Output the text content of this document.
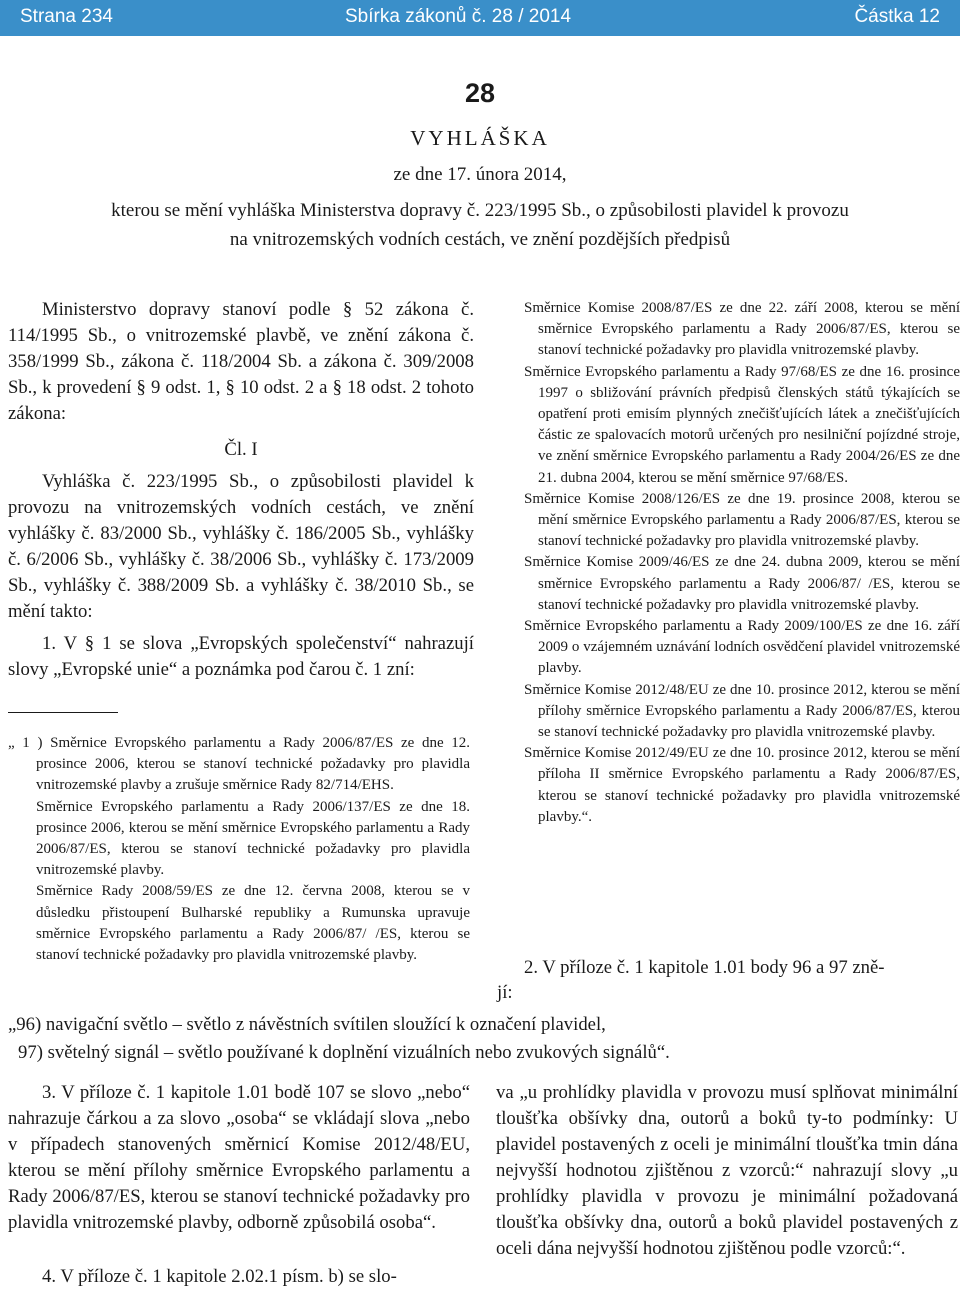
Strana 234	Sbírka zákonů č. 28 / 2014	Částka 12
28
VYHLÁŠKA
ze dne 17. února 2014,
kterou se mění vyhláška Ministerstva dopravy č. 223/1995 Sb., o způsobilosti plavidel k provozu na vnitrozemských vodních cestách, ve znění pozdějších předpisů

Ministerstvo dopravy stanoví podle § 52 zákona č. 114/1995 Sb., o vnitrozemské plavbě, ve znění zákona č. 358/1999 Sb., zákona č. 118/2004 Sb. a zákona č. 309/2008 Sb., k provedení § 9 odst. 1, § 10 odst. 2 a § 18 odst. 2 tohoto zákona:

Čl. I

Vyhláška č. 223/1995 Sb., o způsobilosti plavidel k provozu na vnitrozemských vodních cestách, ve znění vyhlášky č. 83/2000 Sb., vyhlášky č. 186/2005 Sb., vyhlášky č. 6/2006 Sb., vyhlášky č. 38/2006 Sb., vyhlášky č. 173/2009 Sb., vyhlášky č. 388/2009 Sb. a vyhlášky č. 38/2010 Sb., se mění takto:

1. V § 1 se slova „Evropských společenství“ nahrazují slovy „Evropské unie“ a poznámka pod čarou č. 1 zní:

„ 1 ) Směrnice Evropského parlamentu a Rady 2006/87/ES ze dne 12. prosince 2006, kterou se stanoví technické požadavky pro plavidla vnitrozemské plavby a zrušuje směrnice Rady 82/714/EHS.

Směrnice Evropského parlamentu a Rady 2006/137/ES ze dne 18. prosince 2006, kterou se mění směrnice Evropského parlamentu a Rady 2006/87/ES, kterou se stanoví technické požadavky pro plavidla vnitrozemské plavby.

Směrnice Rady 2008/59/ES ze dne 12. června 2008, kterou se v důsledku přistoupení Bulharské republiky a Rumunska upravuje směrnice Evropského parlamentu a Rady 2006/87/ /ES, kterou se stanoví technické požadavky pro plavidla vnitrozemské plavby.

Směrnice Komise 2008/87/ES ze dne 22. září 2008, kterou se mění směrnice Evropského parlamentu a Rady 2006/87/ES, kterou se stanoví technické požadavky pro plavidla vnitrozemské plavby.

Směrnice Evropského parlamentu a Rady 97/68/ES ze dne 16. prosince 1997 o sbližování právních předpisů členských států týkajících se opatření proti emisím plynných znečišťujících látek a znečišťujících částic ze spalovacích motorů určených pro nesilniční pojízdné stroje, ve znění směrnice Evropského parlamentu a Rady 2004/26/ES ze dne 21. dubna 2004, kterou se mění směrnice 97/68/ES.

Směrnice Komise 2008/126/ES ze dne 19. prosince 2008, kterou se mění směrnice Evropského parlamentu a Rady 2006/87/ES, kterou se stanoví technické požadavky pro plavidla vnitrozemské plavby.

Směrnice Komise 2009/46/ES ze dne 24. dubna 2009, kterou se mění směrnice Evropského parlamentu a Rady 2006/87/ /ES, kterou se stanoví technické požadavky pro plavidla vnitrozemské plavby.

Směrnice Evropského parlamentu a Rady 2009/100/ES ze dne 16. září 2009 o vzájemném uznávání lodních osvědčení plavidel vnitrozemské plavby.

Směrnice Komise 2012/48/EU ze dne 10. prosince 2012, kterou se mění přílohy směrnice Evropského parlamentu a Rady 2006/87/ES, kterou se stanoví technické požadavky pro plavidla vnitrozemské plavby.

Směrnice Komise 2012/49/EU ze dne 10. prosince 2012, kterou se mění příloha II směrnice Evropského parlamentu a Rady 2006/87/ES, kterou se stanoví technické požadavky pro plavidla vnitrozemské plavby.“.

2. V příloze č. 1 kapitole 1.01 body 96 a 97 zně-
jí:
„96) navigační světlo – světlo z návěstních svítilen sloužící k označení plavidel,
97) světelný signál – světlo používané k doplnění vizuálních nebo zvukových signálů“.

3. V příloze č. 1 kapitole 1.01 bodě 107 se slovo „nebo“ nahrazuje čárkou a za slovo „osoba“ se vkládají slova „nebo v případech stanovených směrnicí Komise 2012/48/EU, kterou se mění přílohy směrnice Evropského parlamentu a Rady 2006/87/ES, kterou se stanoví technické požadavky pro plavidla vnitrozemské plavby, odborně způsobilá osoba“.

4. V příloze č. 1 kapitole 2.02.1 písm. b) se slo-
va „u prohlídky plavidla v provozu musí splňovat minimální tloušťka obšívky dna, outorů a boků ty-to podmínky: U plavidel postavených z oceli je minimální tloušťka tmin dána nejvyšší hodnotou zjištěnou z vzorců:“ nahrazují slovy „u prohlídky plavidla v provozu je minimální požadovaná tloušťka obšívky dna, outorů a boků plavidel postavených z oceli dána nejvyšší hodnotou zjištěnou podle vzorců:“.
